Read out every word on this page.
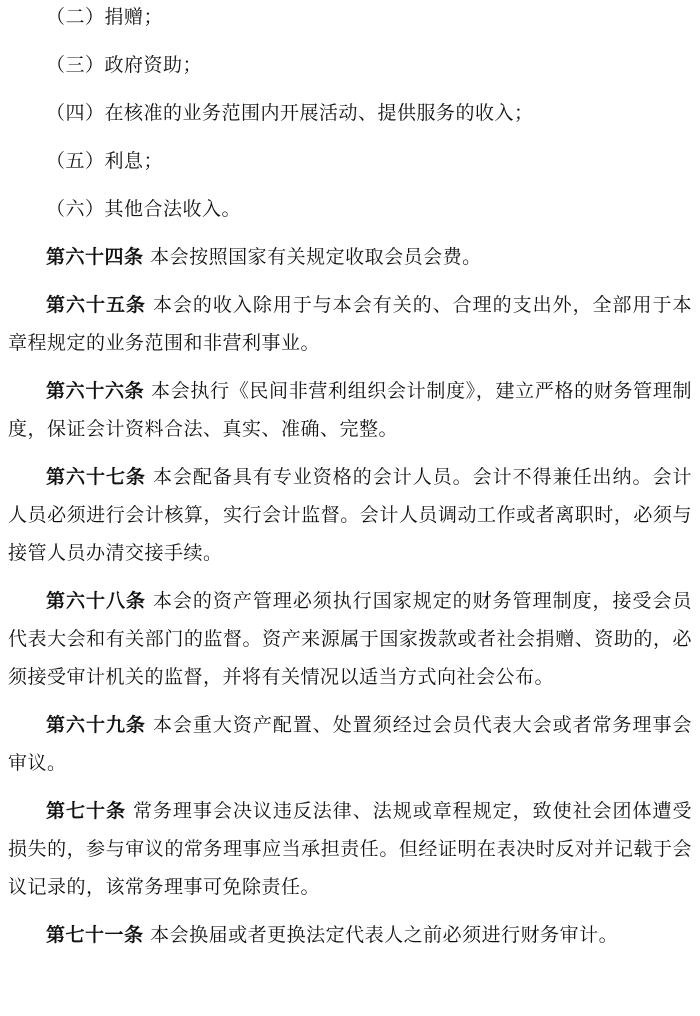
（二）捐赠；

（三）政府资助；

（四）在核准的业务范围内开展活动、提供服务的收入；

（五）利息；

（六）其他合法收入。

第六十四条 本会按照国家有关规定收取会员会费。

第六十五条 本会的收入除用于与本会有关的、合理的支出外，全部用于本章程规定的业务范围和非营利事业。

第六十六条 本会执行《民间非营利组织会计制度》，建立严格的财务管理制度，保证会计资料合法、真实、准确、完整。

第六十七条 本会配备具有专业资格的会计人员。会计不得兼任出纳。会计人员必须进行会计核算，实行会计监督。会计人员调动工作或者离职时，必须与接管人员办清交接手续。

第六十八条 本会的资产管理必须执行国家规定的财务管理制度，接受会员代表大会和有关部门的监督。资产来源属于国家拨款或者社会捐赠、资助的，必须接受审计机关的监督，并将有关情况以适当方式向社会公布。

第六十九条 本会重大资产配置、处置须经过会员代表大会或者常务理事会审议。

第七十条 常务理事会决议违反法律、法规或章程规定，致使社会团体遭受损失的，参与审议的常务理事应当承担责任。但经证明在表决时反对并记载于会议记录的，该常务理事可免除责任。

第七十一条 本会换届或者更换法定代表人之前必须进行财务审计。
